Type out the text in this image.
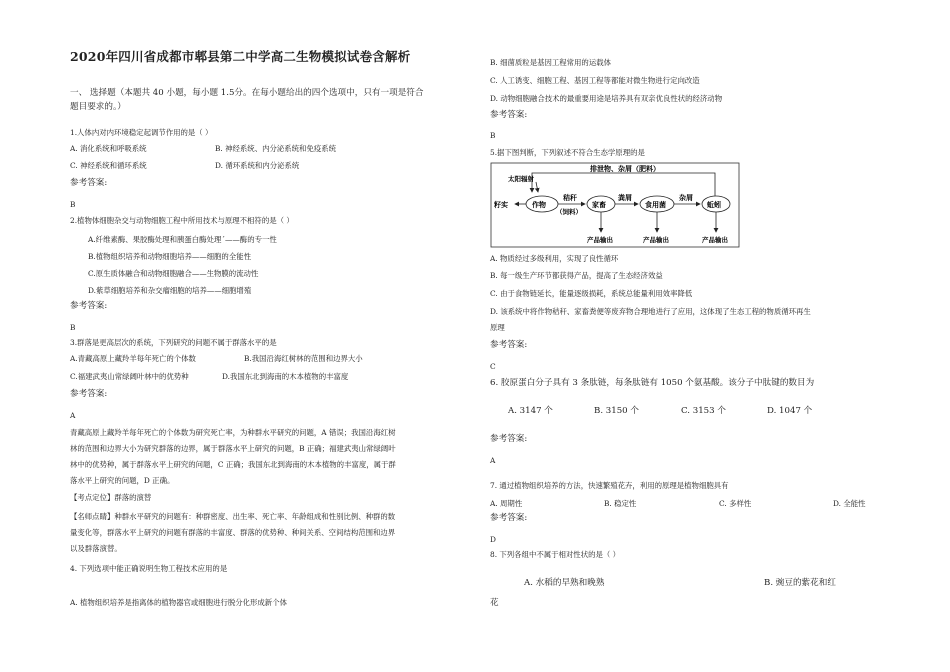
2020年四川省成都市郫县第二中学高二生物模拟试卷含解析
一、 选择题（本题共 40 小题，每小题 1.5分。在每小题给出的四个选项中，只有一项是符合
题目要求的。）
1.人体内对内环境稳定起调节作用的是（ ）
A. 消化系统和呼吸系统	B. 神经系统、内分泌系统和免疫系统
C. 神经系统和循环系统	D. 循环系统和内分泌系统
参考答案:
B
2.植物体细胞杂交与动物细胞工程中所用技术与原理不相符的是（ ）
A.纤维素酶、果胶酶处理和胰蛋白酶处理´——酶的专一性
B.植物组织培养和动物细胞培养——细胞的全能性
C.原生质体融合和动物细胞融合——生物膜的流动性
D.紫草细胞培养和杂交瘤细胞的培养——细胞增殖
参考答案:
B
3.群落是更高层次的系统，下列研究的问题不属于群落水平的是
A.青藏高原上藏羚羊每年死亡的个体数	B.我国沿海红树林的范围和边界大小
C.福建武夷山常绿阔叶林中的优势种	D.我国东北到海南的木本植物的丰富度
参考答案:
A
青藏高原上藏羚羊每年死亡的个体数为研究死亡率，为种群水平研究的问题，A 错误；我国沿海红树
林的范围和边界大小为研究群落的边界，属于群落水平上研究的问题，B 正确；福建武夷山常绿阔叶
林中的优势种，属于群落水平上研究的问题，C 正确；我国东北到海南的木本植物的丰富度，属于群
落水平上研究的问题，D 正确。
【考点定位】群落的演替
【名师点睛】种群水平研究的问题有：种群密度、出生率、死亡率、年龄组成和性别比例、种群的数
量变化等，群落水平上研究的问题有群落的丰富度、群落的优势种、种间关系、空间结构范围和边界
以及群落演替。
4. 下列选项中能正确说明生物工程技术应用的是
A. 植物组织培养是指离体的植物器官或细胞进行脱分化形成新个体
B. 细菌质粒是基因工程常用的运载体
C. 人工诱变、细胞工程、基因工程等都能对微生物进行定向改造
D. 动物细胞融合技术的最重要用途是培养具有双亲优良性状的经济动物
参考答案:
B
5.据下图判断，下列叙述不符合生态学原理的是
排泄物、杂屑（肥料）
太阳辐射
作物	家畜	食用菌	蚯蚓
籽实
秸秆
（饲料）
粪屑	杂屑
产品输出	产品输出	产品输出
A. 物质经过多级利用，实现了良性循环
B. 每一级生产环节都获得产品，提高了生态经济效益
C. 由于食物链延长，能量逐级损耗，系统总能量利用效率降低
D. 该系统中将作物秸秆、家畜粪便等废弃物合理地进行了应用，这体现了生态工程的物质循环再生
原理
参考答案:
C
6. 胶原蛋白分子具有 3 条肽链，每条肽链有 1050 个氨基酸。该分子中肽键的数目为
A. 3147 个	B. 3150 个	C. 3153 个	D. 1047 个
参考答案:
A
7. 通过植物组织培养的方法，快速繁殖花卉，利用的原理是植物细胞具有
A. 周期性	B. 稳定性	C. 多样性	D. 全能性
参考答案:
D
8. 下列各组中不属于相对性状的是（ ）
A. 水稻的早熟和晚熟	B. 豌豆的紫花和红
花
